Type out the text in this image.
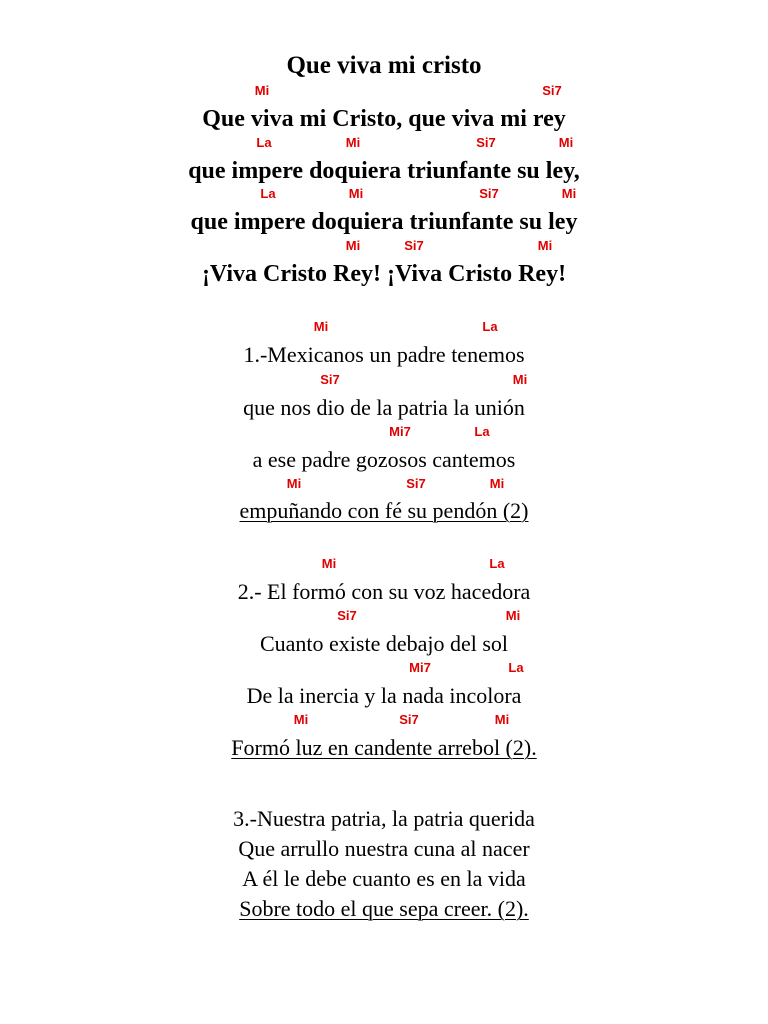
Que viva mi cristo
Mi	Si7
Que viva mi Cristo, que viva mi rey
La	Mi	Si7	Mi
que impere doquiera triunfante su ley,
La	Mi	Si7	Mi
que impere doquiera triunfante su ley
Mi	Si7	Mi
¡Viva Cristo Rey! ¡Viva Cristo Rey!
Mi	La
1.-Mexicanos un padre tenemos
Si7	Mi
que nos dio de la patria la unión
Mi7	La
a ese padre gozosos cantemos
Mi	Si7	Mi
empuñando con fé su pendón (2)
Mi	La
2.- El formó con su voz hacedora
Si7	Mi
Cuanto existe debajo del sol
Mi7	La
De la inercia y la nada incolora
Mi	Si7	Mi
Formó luz en candente arrebol (2).
3.-Nuestra patria, la patria querida
Que arrullo nuestra cuna al nacer
A él le debe cuanto es en la vida
Sobre todo el que sepa creer. (2).
